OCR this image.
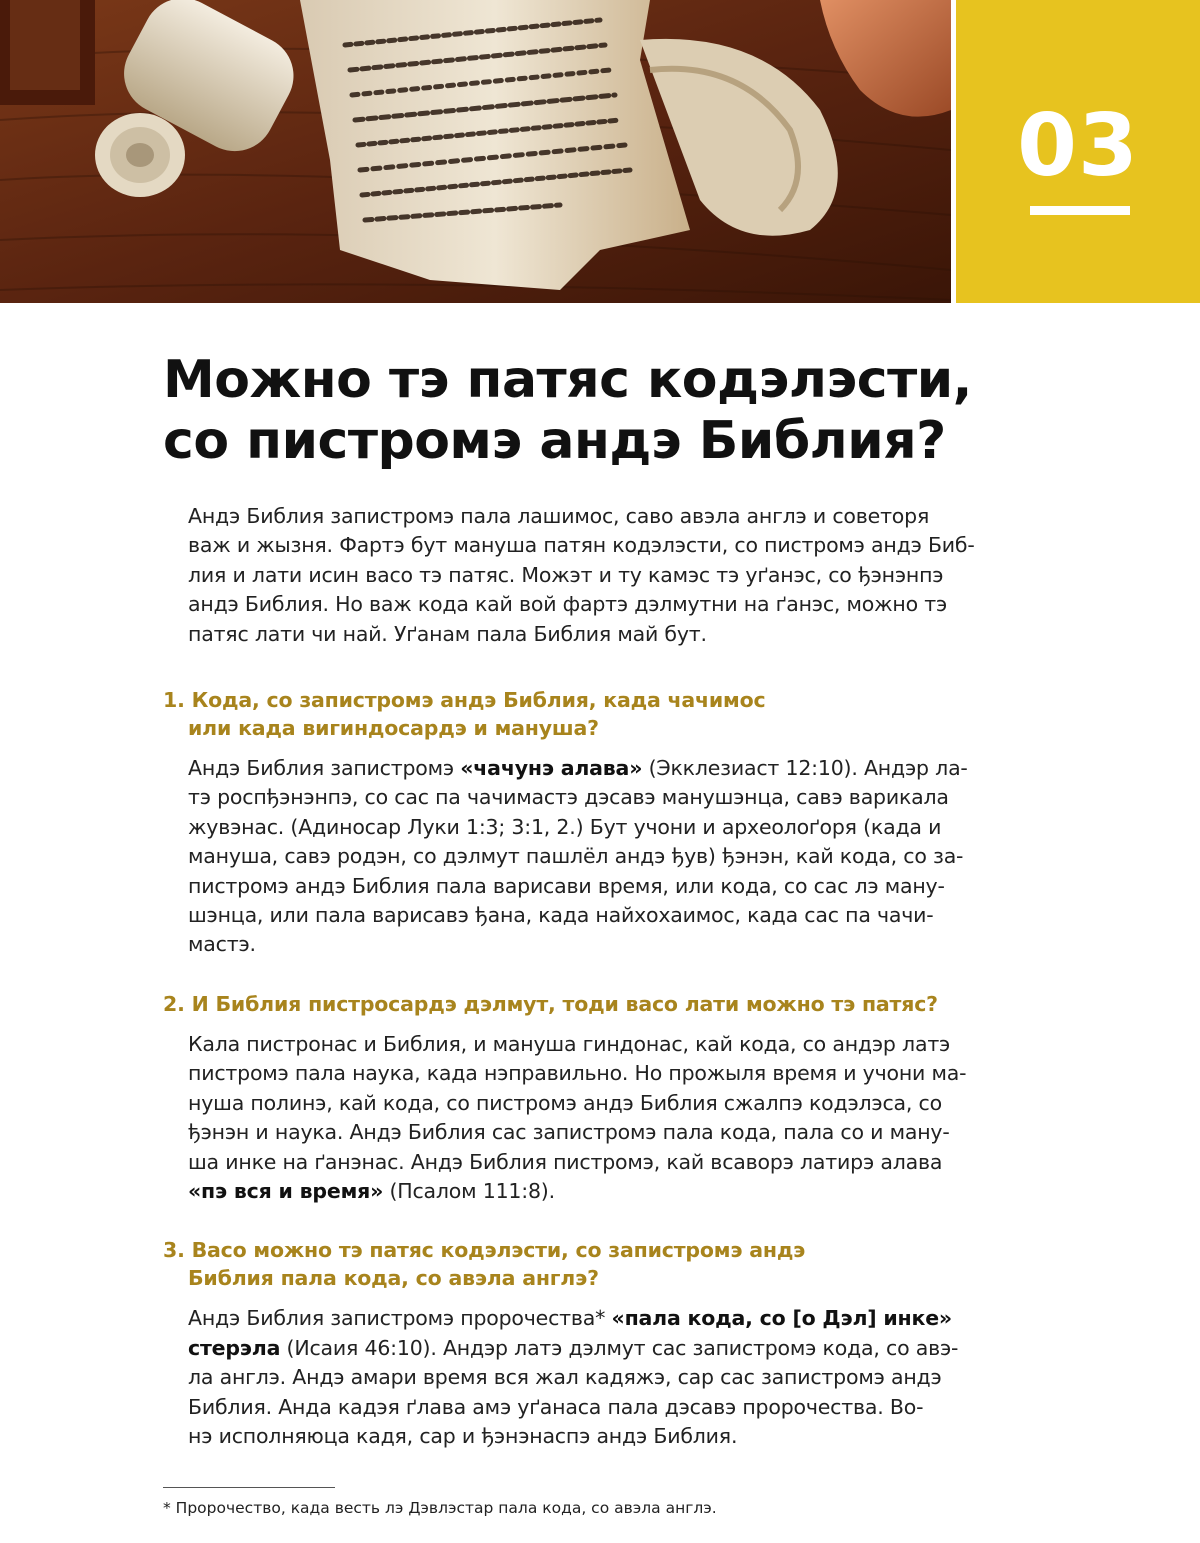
03
Можно тэ патяс кодэлэсти,
со пистромэ андэ Библия?

Андэ Библия запистромэ пала лашимос, саво авэла англэ и советоря
важ и жызня. Фартэ бут мануша патян кодэлэсти, со пистромэ андэ Биб-
лия и лати исин васо тэ патяс. Можэт и ту камэс тэ уґанэс, со ђэнэнпэ
андэ Библия. Но важ кода кай вой фартэ дэлмутни на ґанэс, можно тэ
патяс лати чи най. Уґанам пала Библия май бут.

1. Кода, со запистромэ андэ Библия, када чачимос
или када вигиндосардэ и мануша?

Андэ Библия запистромэ «чачунэ алава» (Экклезиаст 12:10). Андэр ла-
тэ роспђэнэнпэ, со сас па чачимастэ дэсавэ манушэнца, савэ варикала
жувэнас. (Адиносар Луки 1:3; 3:1, 2.) Бут учони и археолоґоря (када и
мануша, савэ родэн, со дэлмут пашлёл андэ ђув) ђэнэн, кай кода, со за-
пистромэ андэ Библия пала варисави время, или кода, со сас лэ ману-
шэнца, или пала варисавэ ђана, када найхохаимос, када сас па чачи-
мастэ.

2. И Библия пистросардэ дэлмут, тоди васо лати можно тэ патяс?

Кала пистронас и Библия, и мануша гиндонас, кай кода, со андэр латэ
пистромэ пала наука, када нэправильно. Но прожыля время и учони ма-
нуша полинэ, кай кода, со пистромэ андэ Библия сжалпэ кодэлэса, со
ђэнэн и наука. Андэ Библия сас запистромэ пала кода, пала со и ману-
ша инке на ґанэнас. Андэ Библия пистромэ, кай всаворэ латирэ алава
«пэ вся и время» (Псалом 111:8).

3. Васо можно тэ патяс кодэлэсти, со запистромэ андэ
Библия пала кода, со авэла англэ?

Андэ Библия запистромэ пророчества* «пала кода, со [о Дэл] инке»
стерэла (Исаия 46:10). Андэр латэ дэлмут сас запистромэ кода, со авэ-
ла англэ. Андэ амари время вся жал кадяжэ, сар сас запистромэ андэ
Библия. Анда кадэя ґлава амэ уґанаса пала дэсавэ пророчества. Во-
нэ исполняюца кадя, сар и ђэнэнаспэ андэ Библия.

* Пророчество, када весть лэ Дэвлэстар пала кода, со авэла англэ.
